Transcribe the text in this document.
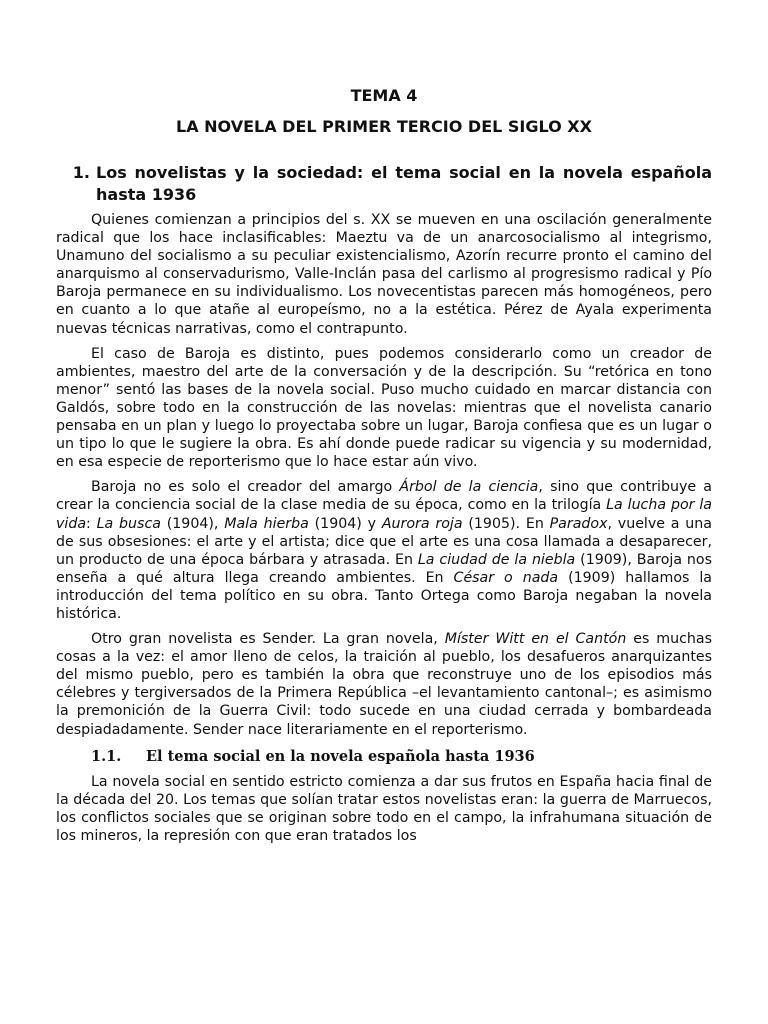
TEMA 4
LA NOVELA DEL PRIMER TERCIO DEL SIGLO XX
1. Los novelistas y la sociedad: el tema social en la novela española hasta 1936

Quienes comienzan a principios del s. XX se mueven en una oscilación generalmente radical que los hace inclasificables: Maeztu va de un anarcosocialismo al integrismo, Unamuno del socialismo a su peculiar existencialismo, Azorín recurre pronto el camino del anarquismo al conservadurismo, Valle-Inclán pasa del carlismo al progresismo radical y Pío Baroja permanece en su individualismo. Los novecentistas parecen más homogéneos, pero en cuanto a lo que atañe al europeísmo, no a la estética. Pérez de Ayala experimenta nuevas técnicas narrativas, como el contrapunto.

El caso de Baroja es distinto, pues podemos considerarlo como un creador de ambientes, maestro del arte de la conversación y de la descripción. Su “retórica en tono menor” sentó las bases de la novela social. Puso mucho cuidado en marcar distancia con Galdós, sobre todo en la construcción de las novelas: mientras que el novelista canario pensaba en un plan y luego lo proyectaba sobre un lugar, Baroja confiesa que es un lugar o un tipo lo que le sugiere la obra. Es ahí donde puede radicar su vigencia y su modernidad, en esa especie de reporterismo que lo hace estar aún vivo.

Baroja no es solo el creador del amargo Árbol de la ciencia, sino que contribuye a crear la conciencia social de la clase media de su época, como en la trilogía La lucha por la vida: La busca (1904), Mala hierba (1904) y Aurora roja (1905). En Paradox, vuelve a una de sus obsesiones: el arte y el artista; dice que el arte es una cosa llamada a desaparecer, un producto de una época bárbara y atrasada. En La ciudad de la niebla (1909), Baroja nos enseña a qué altura llega creando ambientes. En César o nada (1909) hallamos la introducción del tema político en su obra. Tanto Ortega como Baroja negaban la novela histórica.

Otro gran novelista es Sender. La gran novela, Míster Witt en el Cantón es muchas cosas a la vez: el amor lleno de celos, la traición al pueblo, los desafueros anarquizantes del mismo pueblo, pero es también la obra que reconstruye uno de los episodios más célebres y tergiversados de la Primera República –el levantamiento cantonal–; es asimismo la premonición de la Guerra Civil: todo sucede en una ciudad cerrada y bombardeada despiadadamente. Sender nace literariamente en el reporterismo.

1.1.	El tema social en la novela española hasta 1936

La novela social en sentido estricto comienza a dar sus frutos en España hacia final de la década del 20. Los temas que solían tratar estos novelistas eran: la guerra de Marruecos, los conflictos sociales que se originan sobre todo en el campo, la infrahumana situación de los mineros, la represión con que eran tratados los
